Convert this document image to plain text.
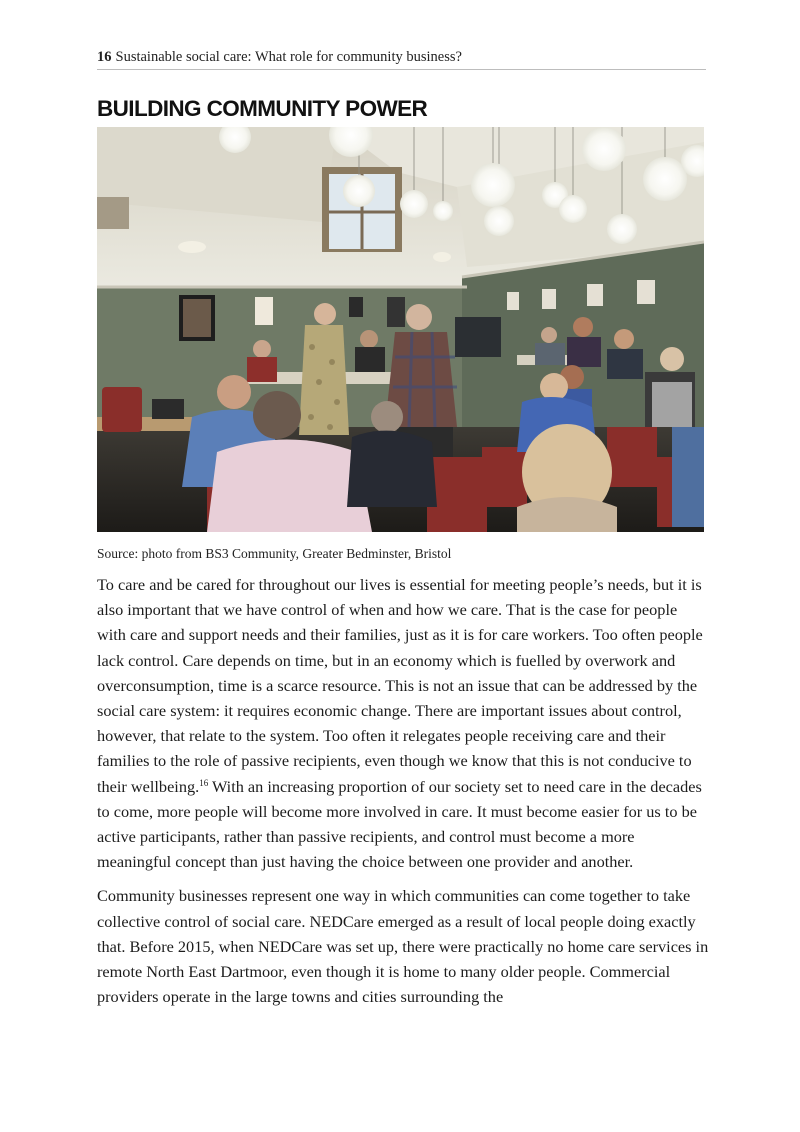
16 Sustainable social care: What role for community business?
BUILDING COMMUNITY POWER
Source: photo from BS3 Community, Greater Bedminster, Bristol

To care and be cared for throughout our lives is essential for meeting people’s needs, but it is also important that we have control of when and how we care. That is the case for people with care and support needs and their families, just as it is for care workers. Too often people lack control. Care depends on time, but in an economy which is fuelled by overwork and overconsumption, time is a scarce resource. This is not an issue that can be addressed by the social care system: it requires economic change. There are important issues about control, however, that relate to the system. Too often it relegates people receiving care and their families to the role of passive recipients, even though we know that this is not conducive to their wellbeing.$^{16}$ With an increasing proportion of our society set to need care in the decades to come, more people will become more involved in care. It must become easier for us to be active participants, rather than passive recipients, and control must become a more meaningful concept than just having the choice between one provider and another.

Community businesses represent one way in which communities can come together to take collective control of social care. NEDCare emerged as a result of local people doing exactly that. Before 2015, when NEDCare was set up, there were practically no home care services in remote North East Dartmoor, even though it is home to many older people. Commercial providers operate in the large towns and cities surrounding the
